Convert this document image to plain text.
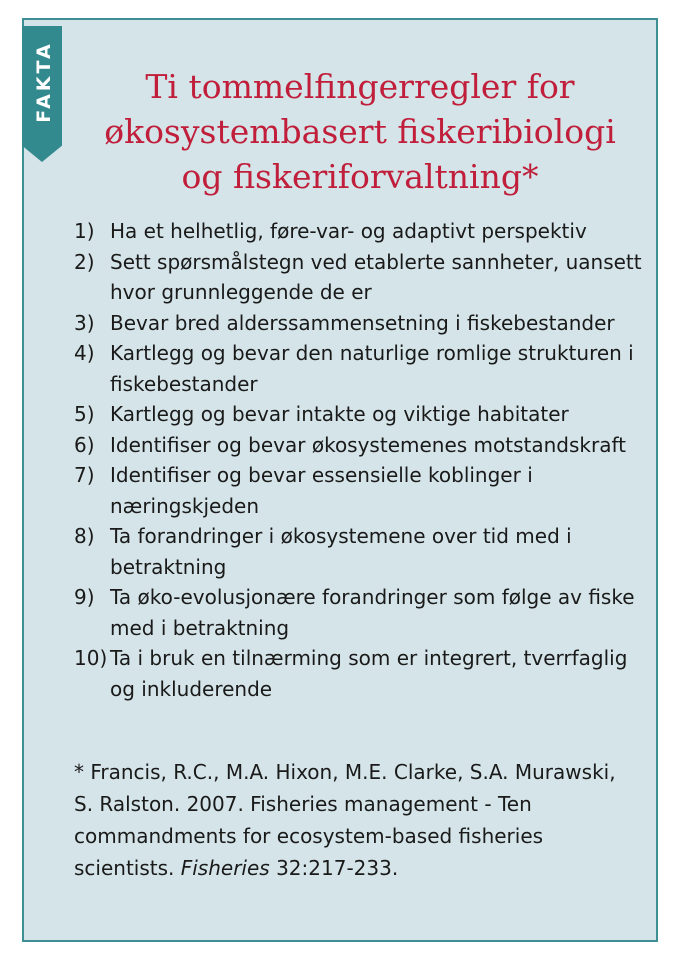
FAKTA	Ti tommelfingerregler for
økosystembasert fiskeribiologi
og fiskeriforvaltning*
1) Ha et helhetlig, føre-var- og adaptivt perspektiv
2) Sett spørsmålstegn ved etablerte sannheter, uansett hvor grunnleggende de er
3) Bevar bred alderssammensetning i fiskebestander
4) Kartlegg og bevar den naturlige romlige strukturen i fiskebestander
5) Kartlegg og bevar intakte og viktige habitater
6) Identifiser og bevar økosystemenes motstandskraft
7) Identifiser og bevar essensielle koblinger i næringskjeden
8) Ta forandringer i økosystemene over tid med i betraktning
9) Ta øko-evolusjonære forandringer som følge av fiske med i betraktning
10) Ta i bruk en tilnærming som er integrert, tverrfaglig og inkluderende

* Francis, R.C., M.A. Hixon, M.E. Clarke, S.A. Murawski, S. Ralston. 2007. Fisheries management - Ten commandments for ecosystem-based fisheries scientists. Fisheries 32:217-233.
